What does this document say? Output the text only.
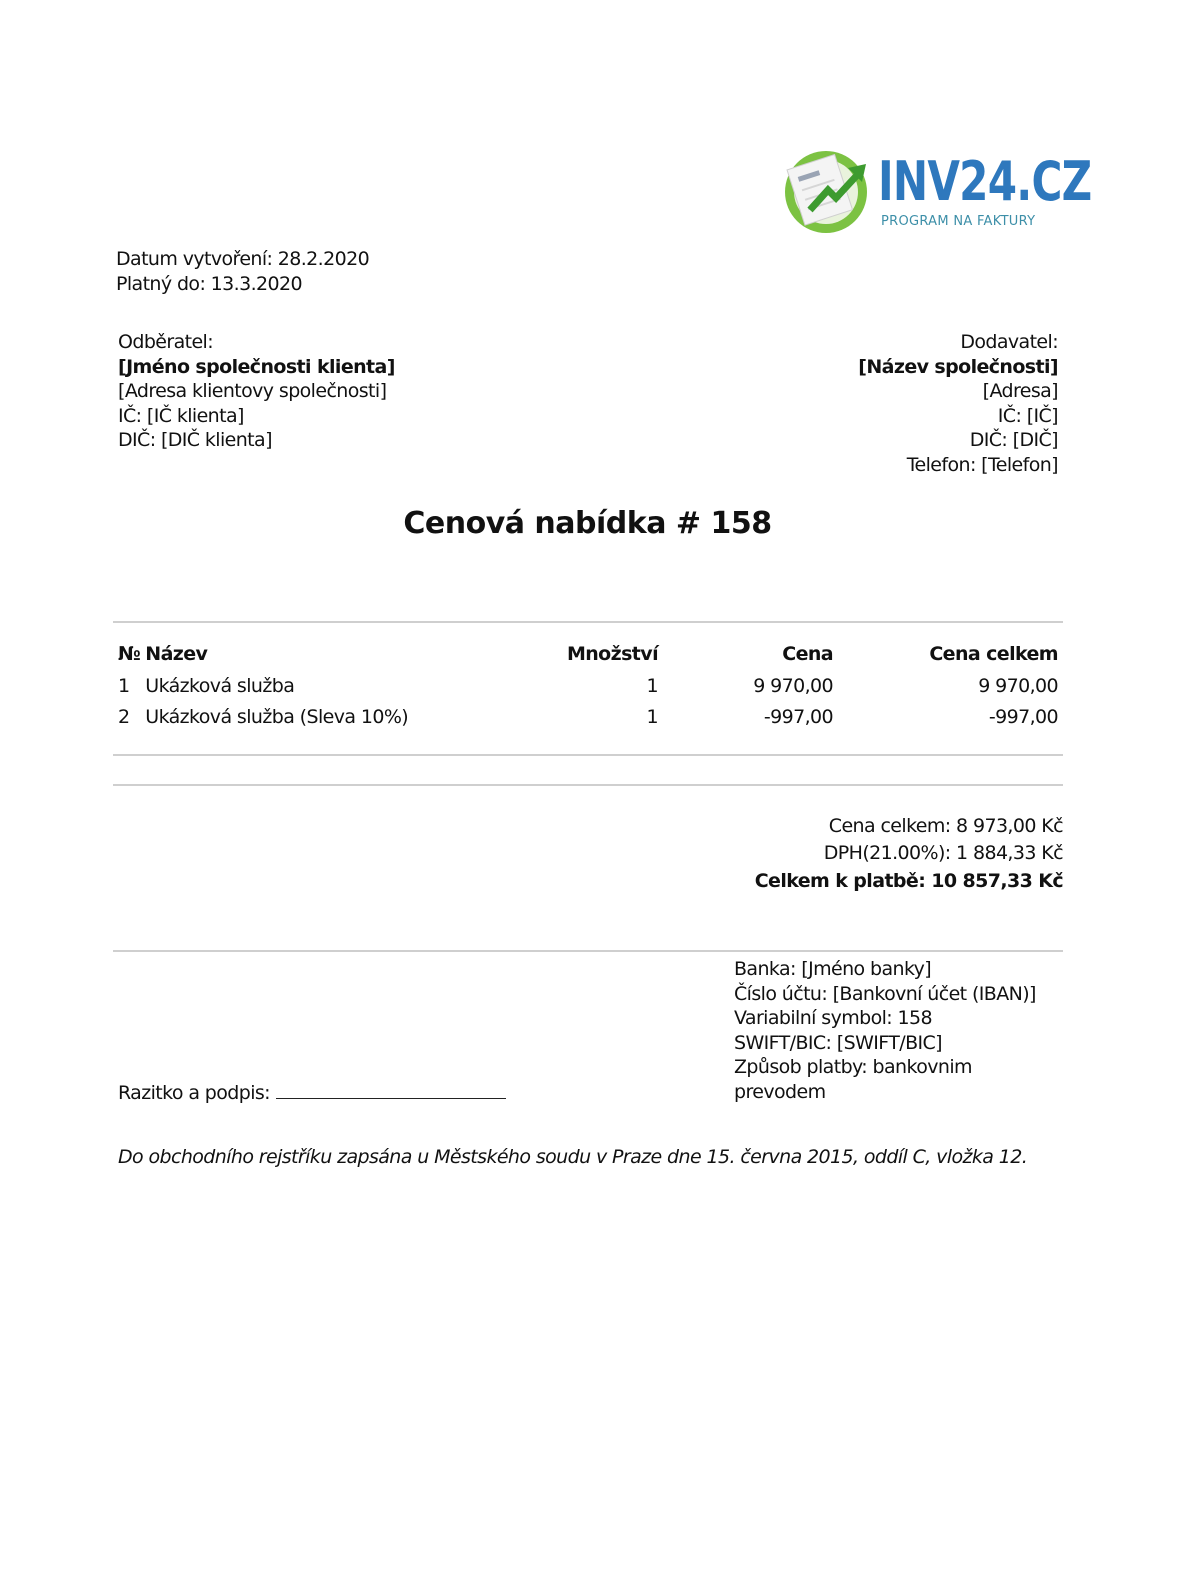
INV24.CZ
PROGRAM NA FAKTURY
Datum vytvoření: 28.2.2020
Platný do: 13.3.2020
Odběratel:
[Jméno společnosti klienta]
[Adresa klientovy společnosti]
IČ: [IČ klienta]
DIČ: [DIČ klienta]
Dodavatel:
[Název společnosti]
[Adresa]
IČ: [IČ]
DIČ: [DIČ]
Telefon: [Telefon]
Cenová nabídka # 158
№	Název	Množství	Cena	Cena celkem
1	Ukázková služba	1	9 970,00	9 970,00
2	Ukázková služba (Sleva 10%)	1	-997,00	-997,00
Cena celkem: 8 973,00 Kč
DPH(21.00%): 1 884,33 Kč
Celkem k platbě: 10 857,33 Kč
Banka: [Jméno banky]
Číslo účtu: [Bankovní účet (IBAN)]
Variabilní symbol: 158
SWIFT/BIC: [SWIFT/BIC]
Způsob platby: bankovnim
prevodem
Razitko a podpis:
Do obchodního rejstříku zapsána u Městského soudu v Praze dne 15. června 2015, oddíl C, vložka 12.
